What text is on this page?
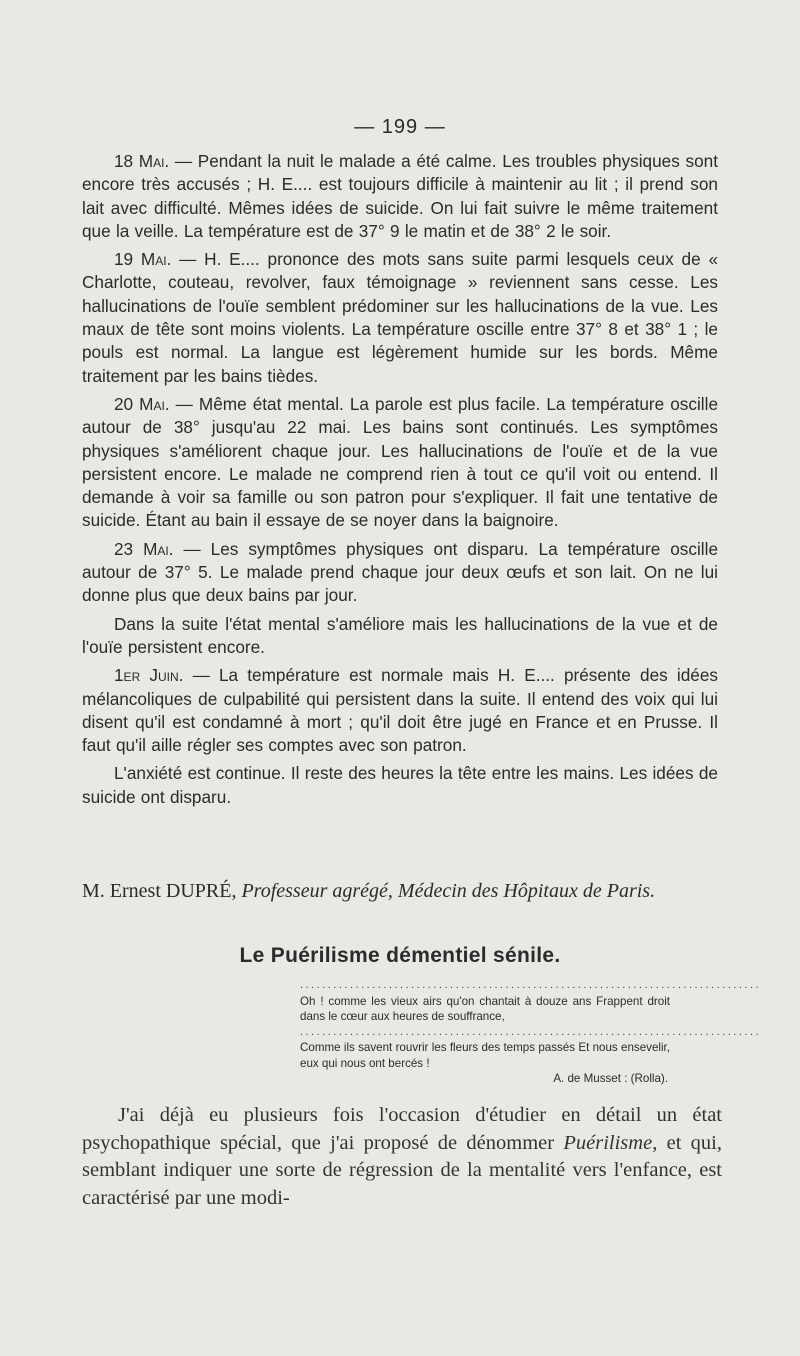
— 199 —

18 Mai. — Pendant la nuit le malade a été calme. Les troubles physiques sont encore très accusés ; H. E.... est toujours difficile à maintenir au lit ; il prend son lait avec difficulté. Mêmes idées de suicide. On lui fait suivre le même traitement que la veille. La température est de 37° 9 le matin et de 38° 2 le soir.

19 Mai. — H. E.... prononce des mots sans suite parmi lesquels ceux de « Charlotte, couteau, revolver, faux témoignage » reviennent sans cesse. Les hallucinations de l'ouïe semblent prédominer sur les hallucinations de la vue. Les maux de tête sont moins violents. La température oscille entre 37° 8 et 38° 1 ; le pouls est normal. La langue est légèrement humide sur les bords. Même traitement par les bains tièdes.

20 Mai. — Même état mental. La parole est plus facile. La température oscille autour de 38° jusqu'au 22 mai. Les bains sont continués. Les symptômes physiques s'améliorent chaque jour. Les hallucinations de l'ouïe et de la vue persistent encore. Le malade ne comprend rien à tout ce qu'il voit ou entend. Il demande à voir sa famille ou son patron pour s'expliquer. Il fait une tentative de suicide. Étant au bain il essaye de se noyer dans la baignoire.

23 Mai. — Les symptômes physiques ont disparu. La température oscille autour de 37° 5. Le malade prend chaque jour deux œufs et son lait. On ne lui donne plus que deux bains par jour.

Dans la suite l'état mental s'améliore mais les hallucinations de la vue et de l'ouïe persistent encore.

1er Juin. — La température est normale mais H. E.... présente des idées mélancoliques de culpabilité qui persistent dans la suite. Il entend des voix qui lui disent qu'il est condamné à mort ; qu'il doit être jugé en France et en Prusse. Il faut qu'il aille régler ses comptes avec son patron.

L'anxiété est continue. Il reste des heures la tête entre les mains. Les idées de suicide ont disparu.

M. Ernest DUPRÉ, Professeur agrégé, Médecin des Hôpitaux de Paris.
Le Puérilisme démentiel sénile.
...................................................................................
Oh ! comme les vieux airs qu'on chantait à douze ans Frappent droit dans le cœur aux heures de souffrance,
...................................................................................
Comme ils savent rouvrir les fleurs des temps passés Et nous ensevelir, eux qui nous ont bercés !
A. de Musset : (Rolla).
J'ai déjà eu plusieurs fois l'occasion d'étudier en détail un état psychopathique spécial, que j'ai proposé de dénommer Puérilisme, et qui, semblant indiquer une sorte de régression de la mentalité vers l'enfance, est caractérisé par une modi-
